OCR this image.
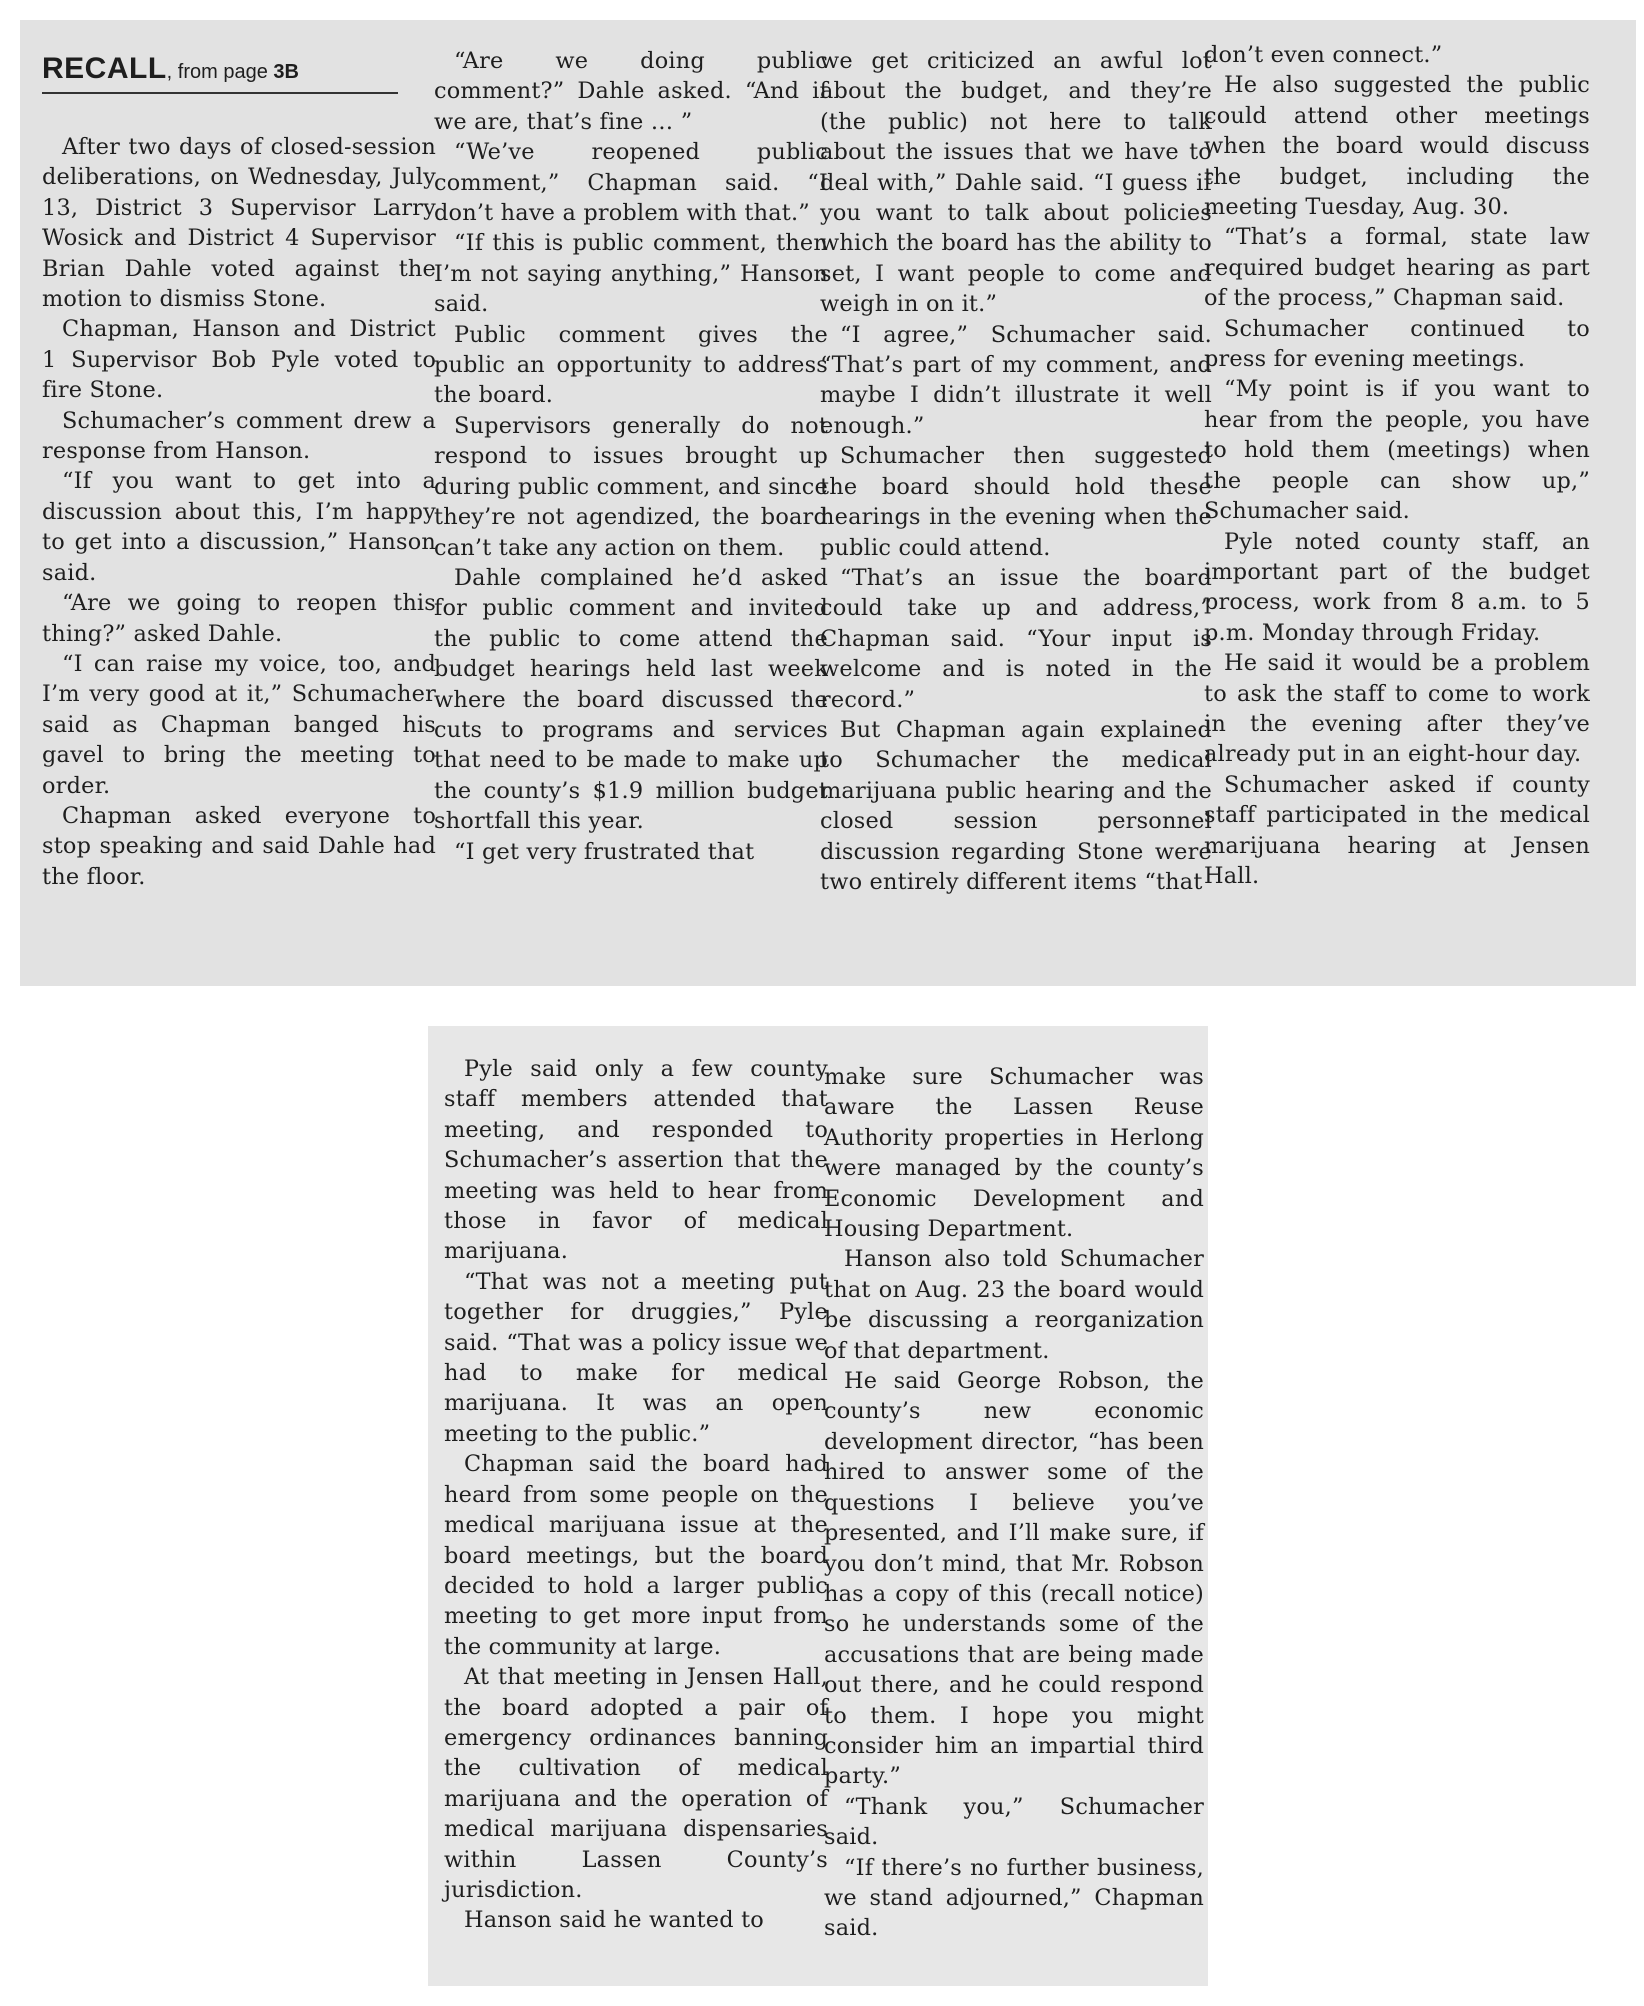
RECALL, from page 3B

After two days of closed-session deliberations, on Wednesday, July 13, District 3 Supervisor Larry Wosick and District 4 Supervisor Brian Dahle voted against the motion to dismiss Stone.

Chapman, Hanson and District 1 Supervisor Bob Pyle voted to fire Stone.

Schumacher’s comment drew a response from Hanson.

“If you want to get into a discussion about this, I’m happy to get into a discussion,” Hanson said.

“Are we going to reopen this thing?” asked Dahle.

“I can raise my voice, too, and I’m very good at it,” Schumacher said as Chapman banged his gavel to bring the meeting to order.

Chapman asked everyone to stop speaking and said Dahle had the floor.

“Are we doing public comment?” Dahle asked. “And if we are, that’s fine … ”

“We’ve reopened public comment,” Chapman said. “I don’t have a problem with that.”

“If this is public comment, then I’m not saying anything,” Hanson said.

Public comment gives the public an opportunity to address the board.

Supervisors generally do not respond to issues brought up during public comment, and since they’re not agendized, the board can’t take any action on them.

Dahle complained he’d asked for public comment and invited the public to come attend the budget hearings held last week where the board discussed the cuts to programs and services that need to be made to make up the county’s $1.9 million budget shortfall this year.

“I get very frustrated that

we get criticized an awful lot about the budget, and they’re (the public) not here to talk about the issues that we have to deal with,” Dahle said. “I guess if you want to talk about policies which the board has the ability to set, I want people to come and weigh in on it.”

“I agree,” Schumacher said. “That’s part of my comment, and maybe I didn’t illustrate it well enough.”

Schumacher then suggested the board should hold these hearings in the evening when the public could attend.

“That’s an issue the board could take up and address,” Chapman said. “Your input is welcome and is noted in the record.”

But Chapman again explained to Schumacher the medical marijuana public hearing and the closed session personnel discussion regarding Stone were two entirely different items “that

don’t even connect.”

He also suggested the public could attend other meetings when the board would discuss the budget, including the meeting Tuesday, Aug. 30.

“That’s a formal, state law required budget hearing as part of the process,” Chapman said.

Schumacher continued to press for evening meetings.

“My point is if you want to hear from the people, you have to hold them (meetings) when the people can show up,” Schumacher said.

Pyle noted county staff, an important part of the budget process, work from 8 a.m. to 5 p.m. Monday through Friday.

He said it would be a problem to ask the staff to come to work in the evening after they’ve already put in an eight-hour day.

Schumacher asked if county staff participated in the medical marijuana hearing at Jensen Hall.

Pyle said only a few county staff members attended that meeting, and responded to Schumacher’s assertion that the meeting was held to hear from those in favor of medical marijuana.

“That was not a meeting put together for druggies,” Pyle said. “That was a policy issue we had to make for medical marijuana. It was an open meeting to the public.”

Chapman said the board had heard from some people on the medical marijuana issue at the board meetings, but the board decided to hold a larger public meeting to get more input from the community at large.

At that meeting in Jensen Hall, the board adopted a pair of emergency ordinances banning the cultivation of medical marijuana and the operation of medical marijuana dispensaries within Lassen County’s jurisdiction.

Hanson said he wanted to

make sure Schumacher was aware the Lassen Reuse Authority properties in Herlong were managed by the county’s Economic Development and Housing Department.

Hanson also told Schumacher that on Aug. 23 the board would be discussing a reorganization of that department.

He said George Robson, the county’s new economic development director, “has been hired to answer some of the questions I believe you’ve presented, and I’ll make sure, if you don’t mind, that Mr. Robson has a copy of this (recall notice) so he understands some of the accusations that are being made out there, and he could respond to them. I hope you might consider him an impartial third party.”

“Thank you,” Schumacher said.

“If there’s no further business, we stand adjourned,” Chapman said.
